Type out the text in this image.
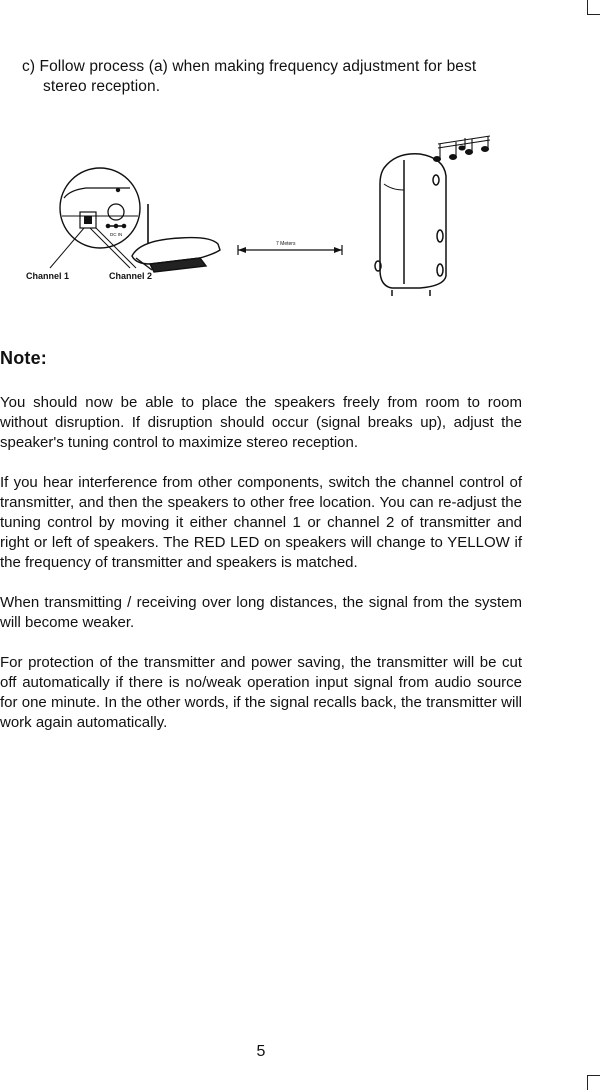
c) Follow process (a) when making frequency adjustment for best
stereo reception.
DC IN
Channel 1	Channel 2
7 Meters
Note:

You should now be able to place the speakers freely from room to room without disruption. If disruption should occur (signal breaks up), adjust the speaker's tuning control to maximize stereo reception.

If you hear interference from other components, switch the channel control of transmitter, and then the speakers to other free location. You can re-adjust the tuning control by moving it either channel 1 or channel 2 of transmitter and right or left of speakers. The RED LED on speakers will change to YELLOW if the frequency of transmitter and speakers is matched.

When transmitting / receiving over long distances, the signal from the system will become weaker.

For protection of the transmitter and power saving, the transmitter will be cut off automatically if there is no/weak operation input signal from audio source for one minute. In the other words, if the signal recalls back, the transmitter will work again automatically.

5
